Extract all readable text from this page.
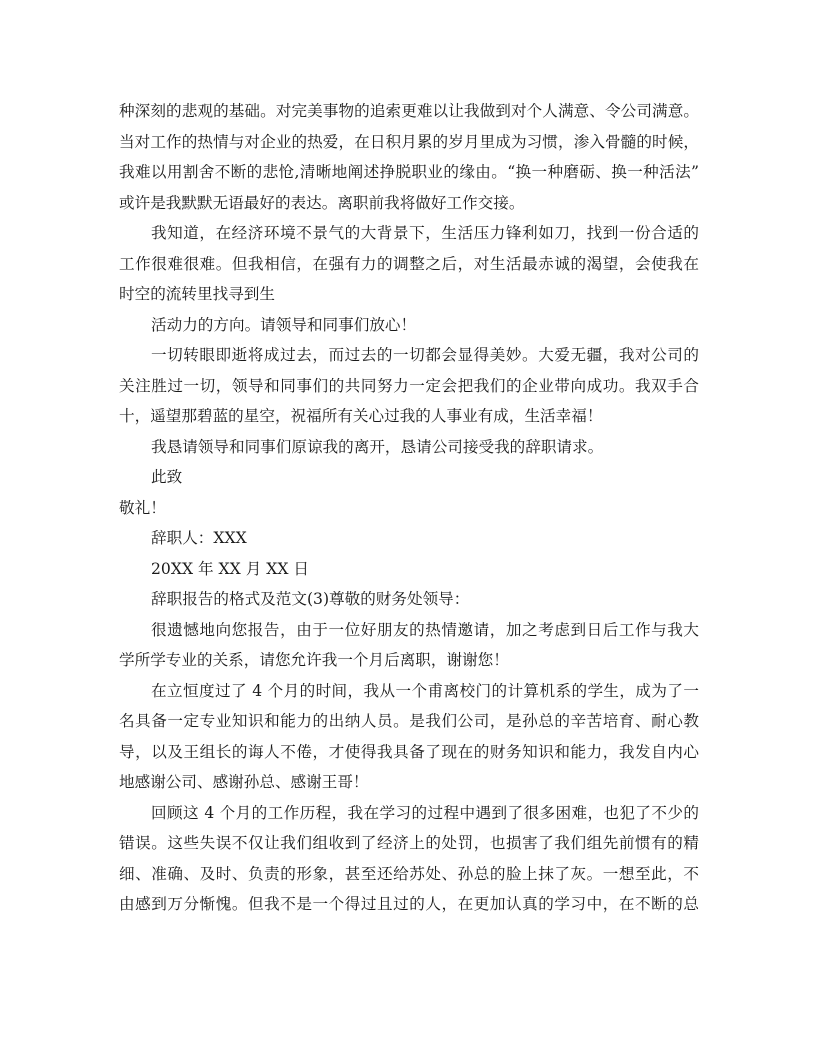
种深刻的悲观的基础。对完美事物的追索更难以让我做到对个人满意、令公司满意。
当对工作的热情与对企业的热爱，在日积月累的岁月里成为习惯，渗入骨髓的时候，
我难以用割舍不断的悲怆,清晰地阐述挣脱职业的缘由。“换一种磨砺、换一种活法”
或许是我默默无语最好的表达。离职前我将做好工作交接。
我知道，在经济环境不景气的大背景下，生活压力锋利如刀，找到一份合适的
工作很难很难。但我相信，在强有力的调整之后，对生活最赤诚的渴望，会使我在
时空的流转里找寻到生
活动力的方向。请领导和同事们放心！
一切转眼即逝将成过去，而过去的一切都会显得美妙。大爱无疆，我对公司的
关注胜过一切，领导和同事们的共同努力一定会把我们的企业带向成功。我双手合
十，遥望那碧蓝的星空，祝福所有关心过我的人事业有成，生活幸福！
我恳请领导和同事们原谅我的离开，恳请公司接受我的辞职请求。
此致
敬礼！
辞职人：XXX
20XX 年 XX 月 XX 日
辞职报告的格式及范文(3)尊敬的财务处领导：
很遗憾地向您报告，由于一位好朋友的热情邀请，加之考虑到日后工作与我大
学所学专业的关系，请您允许我一个月后离职，谢谢您！
在立恒度过了 4 个月的时间，我从一个甫离校门的计算机系的学生，成为了一
名具备一定专业知识和能力的出纳人员。是我们公司，是孙总的辛苦培育、耐心教
导，以及王组长的诲人不倦，才使得我具备了现在的财务知识和能力，我发自内心
地感谢公司、感谢孙总、感谢王哥！
回顾这 4 个月的工作历程，我在学习的过程中遇到了很多困难，也犯了不少的
错误。这些失误不仅让我们组收到了经济上的处罚，也损害了我们组先前惯有的精
细、准确、及时、负责的形象，甚至还给苏处、孙总的脸上抹了灰。一想至此，不
由感到万分惭愧。但我不是一个得过且过的人，在更加认真的学习中，在不断的总
